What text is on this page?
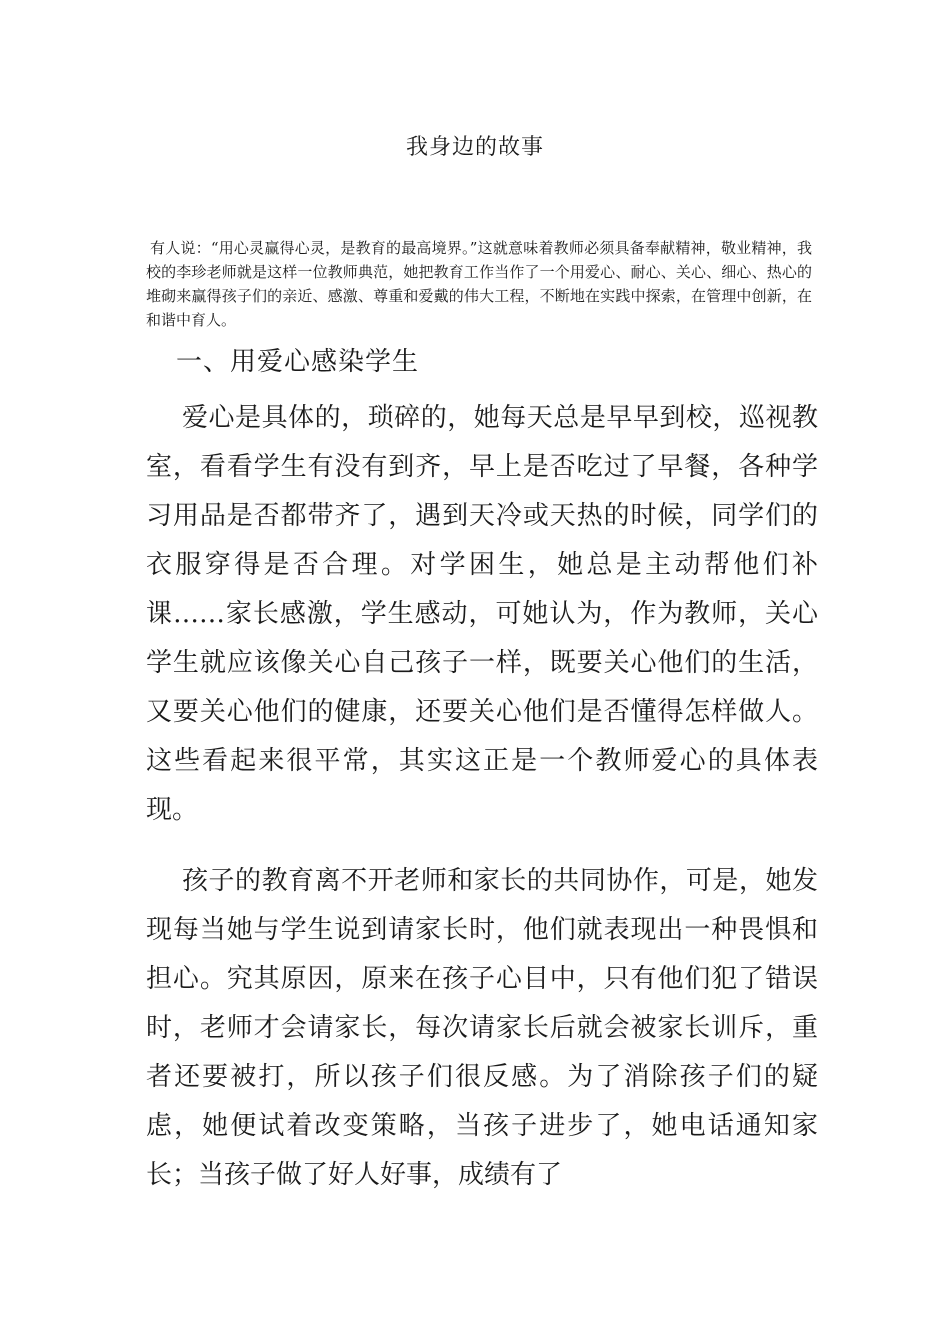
我身边的故事

有人说：“用心灵赢得心灵，是教育的最高境界。”这就意味着教师必须具备奉献精神，敬业精神，我校的李珍老师就是这样一位教师典范，她把教育工作当作了一个用爱心、耐心、关心、细心、热心的堆砌来赢得孩子们的亲近、感激、尊重和爱戴的伟大工程，不断地在实践中探索，在管理中创新，在和谐中育人。

一、用爱心感染学生

爱心是具体的，琐碎的，她每天总是早早到校，巡视教室，看看学生有没有到齐，早上是否吃过了早餐，各种学习用品是否都带齐了，遇到天冷或天热的时候，同学们的衣服穿得是否合理。对学困生，她总是主动帮他们补课……家长感激，学生感动，可她认为，作为教师，关心学生就应该像关心自己孩子一样，既要关心他们的生活，又要关心他们的健康，还要关心他们是否懂得怎样做人。这些看起来很平常，其实这正是一个教师爱心的具体表现。

孩子的教育离不开老师和家长的共同协作，可是，她发现每当她与学生说到请家长时，他们就表现出一种畏惧和担心。究其原因，原来在孩子心目中，只有他们犯了错误时，老师才会请家长，每次请家长后就会被家长训斥，重者还要被打，所以孩子们很反感。为了消除孩子们的疑虑，她便试着改变策略，当孩子进步了，她电话通知家长；当孩子做了好人好事，成绩有了
